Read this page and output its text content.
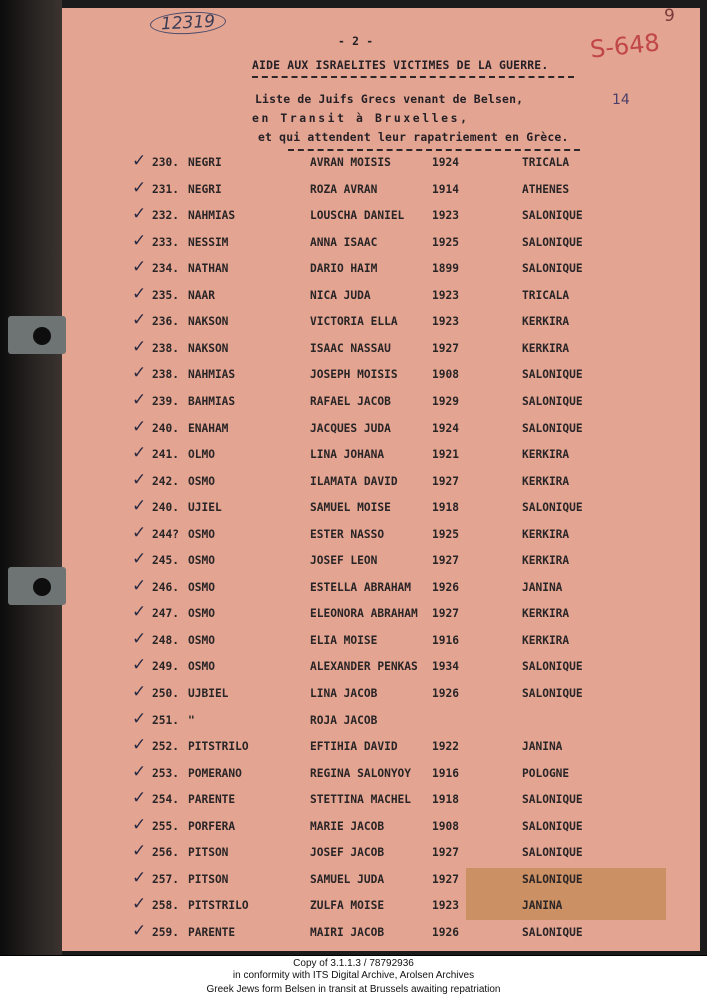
12319
S-648
9
14
- 2 -
AIDE AUX ISRAELITES VICTIMES DE LA GUERRE.
Liste de Juifs Grecs venant de Belsen,
en Transit à Bruxelles,
et qui attendent leur rapatriement en Grèce.
✓ 230. NEGRI	AVRAN MOISIS	1924	TRICALA
✓ 231. NEGRI	ROZA AVRAN	1914	ATHENES
✓ 232. NAHMIAS	LOUSCHA DANIEL 1923	SALONIQUE
✓ 233. NESSIM	ANNA ISAAC	1925	SALONIQUE
✓ 234. NATHAN	DARIO HAIM	1899	SALONIQUE
✓ 235. NAAR	NICA JUDA	1923	TRICALA
✓ 236. NAKSON	VICTORIA ELLA	1923	KERKIRA
✓ 238. NAKSON	ISAAC NASSAU	1927	KERKIRA
✓ 238. NAHMIAS	JOSEPH MOISIS	1908	SALONIQUE
✓ 239. BAHMIAS	RAFAEL JACOB	1929	SALONIQUE
✓ 240. ENAHAM	JACQUES JUDA	1924	SALONIQUE
✓ 241. OLMO	LINA JOHANA	1921	KERKIRA
✓ 242. OSMO	ILAMATA DAVID	1927	KERKIRA
✓ 240. UJIEL	SAMUEL MOISE	1918	SALONIQUE
✓ 244? OSMO	ESTER NASSO	1925	KERKIRA
✓ 245. OSMO	JOSEF LEON	1927	KERKIRA
✓ 246. OSMO	ESTELLA ABRAHAM 1926	JANINA
✓ 247. OSMO	ELEONORA ABRAHAM 1927	KERKIRA
✓ 248. OSMO	ELIA MOISE	1916	KERKIRA
✓ 249. OSMO	ALEXANDER PENKAS 1934	SALONIQUE
✓ 250. UJBIEL	LINA JACOB	1926	SALONIQUE
✓ 251. "	ROJA JACOB
✓ 252. PITSTRILO	EFTIHIA DAVID	1922	JANINA
✓ 253. POMERANO	REGINA SALONYOY 1916	POLOGNE
✓ 254. PARENTE	STETTINA MACHEL 1918	SALONIQUE
✓ 255. PORFERA	MARIE JACOB	1908	SALONIQUE
✓ 256. PITSON	JOSEF JACOB	1927	SALONIQUE
✓ 257. PITSON	SAMUEL JUDA	1927	SALONIQUE
✓ 258. PITSTRILO	ZULFA MOISE	1923	JANINA
✓ 259. PARENTE	MAIRI JACOB	1926	SALONIQUE
Copy of 3.1.1.3 / 78792936
in conformity with ITS Digital Archive, Arolsen Archives
Greek Jews form Belsen in transit at Brussels awaiting repatriation
